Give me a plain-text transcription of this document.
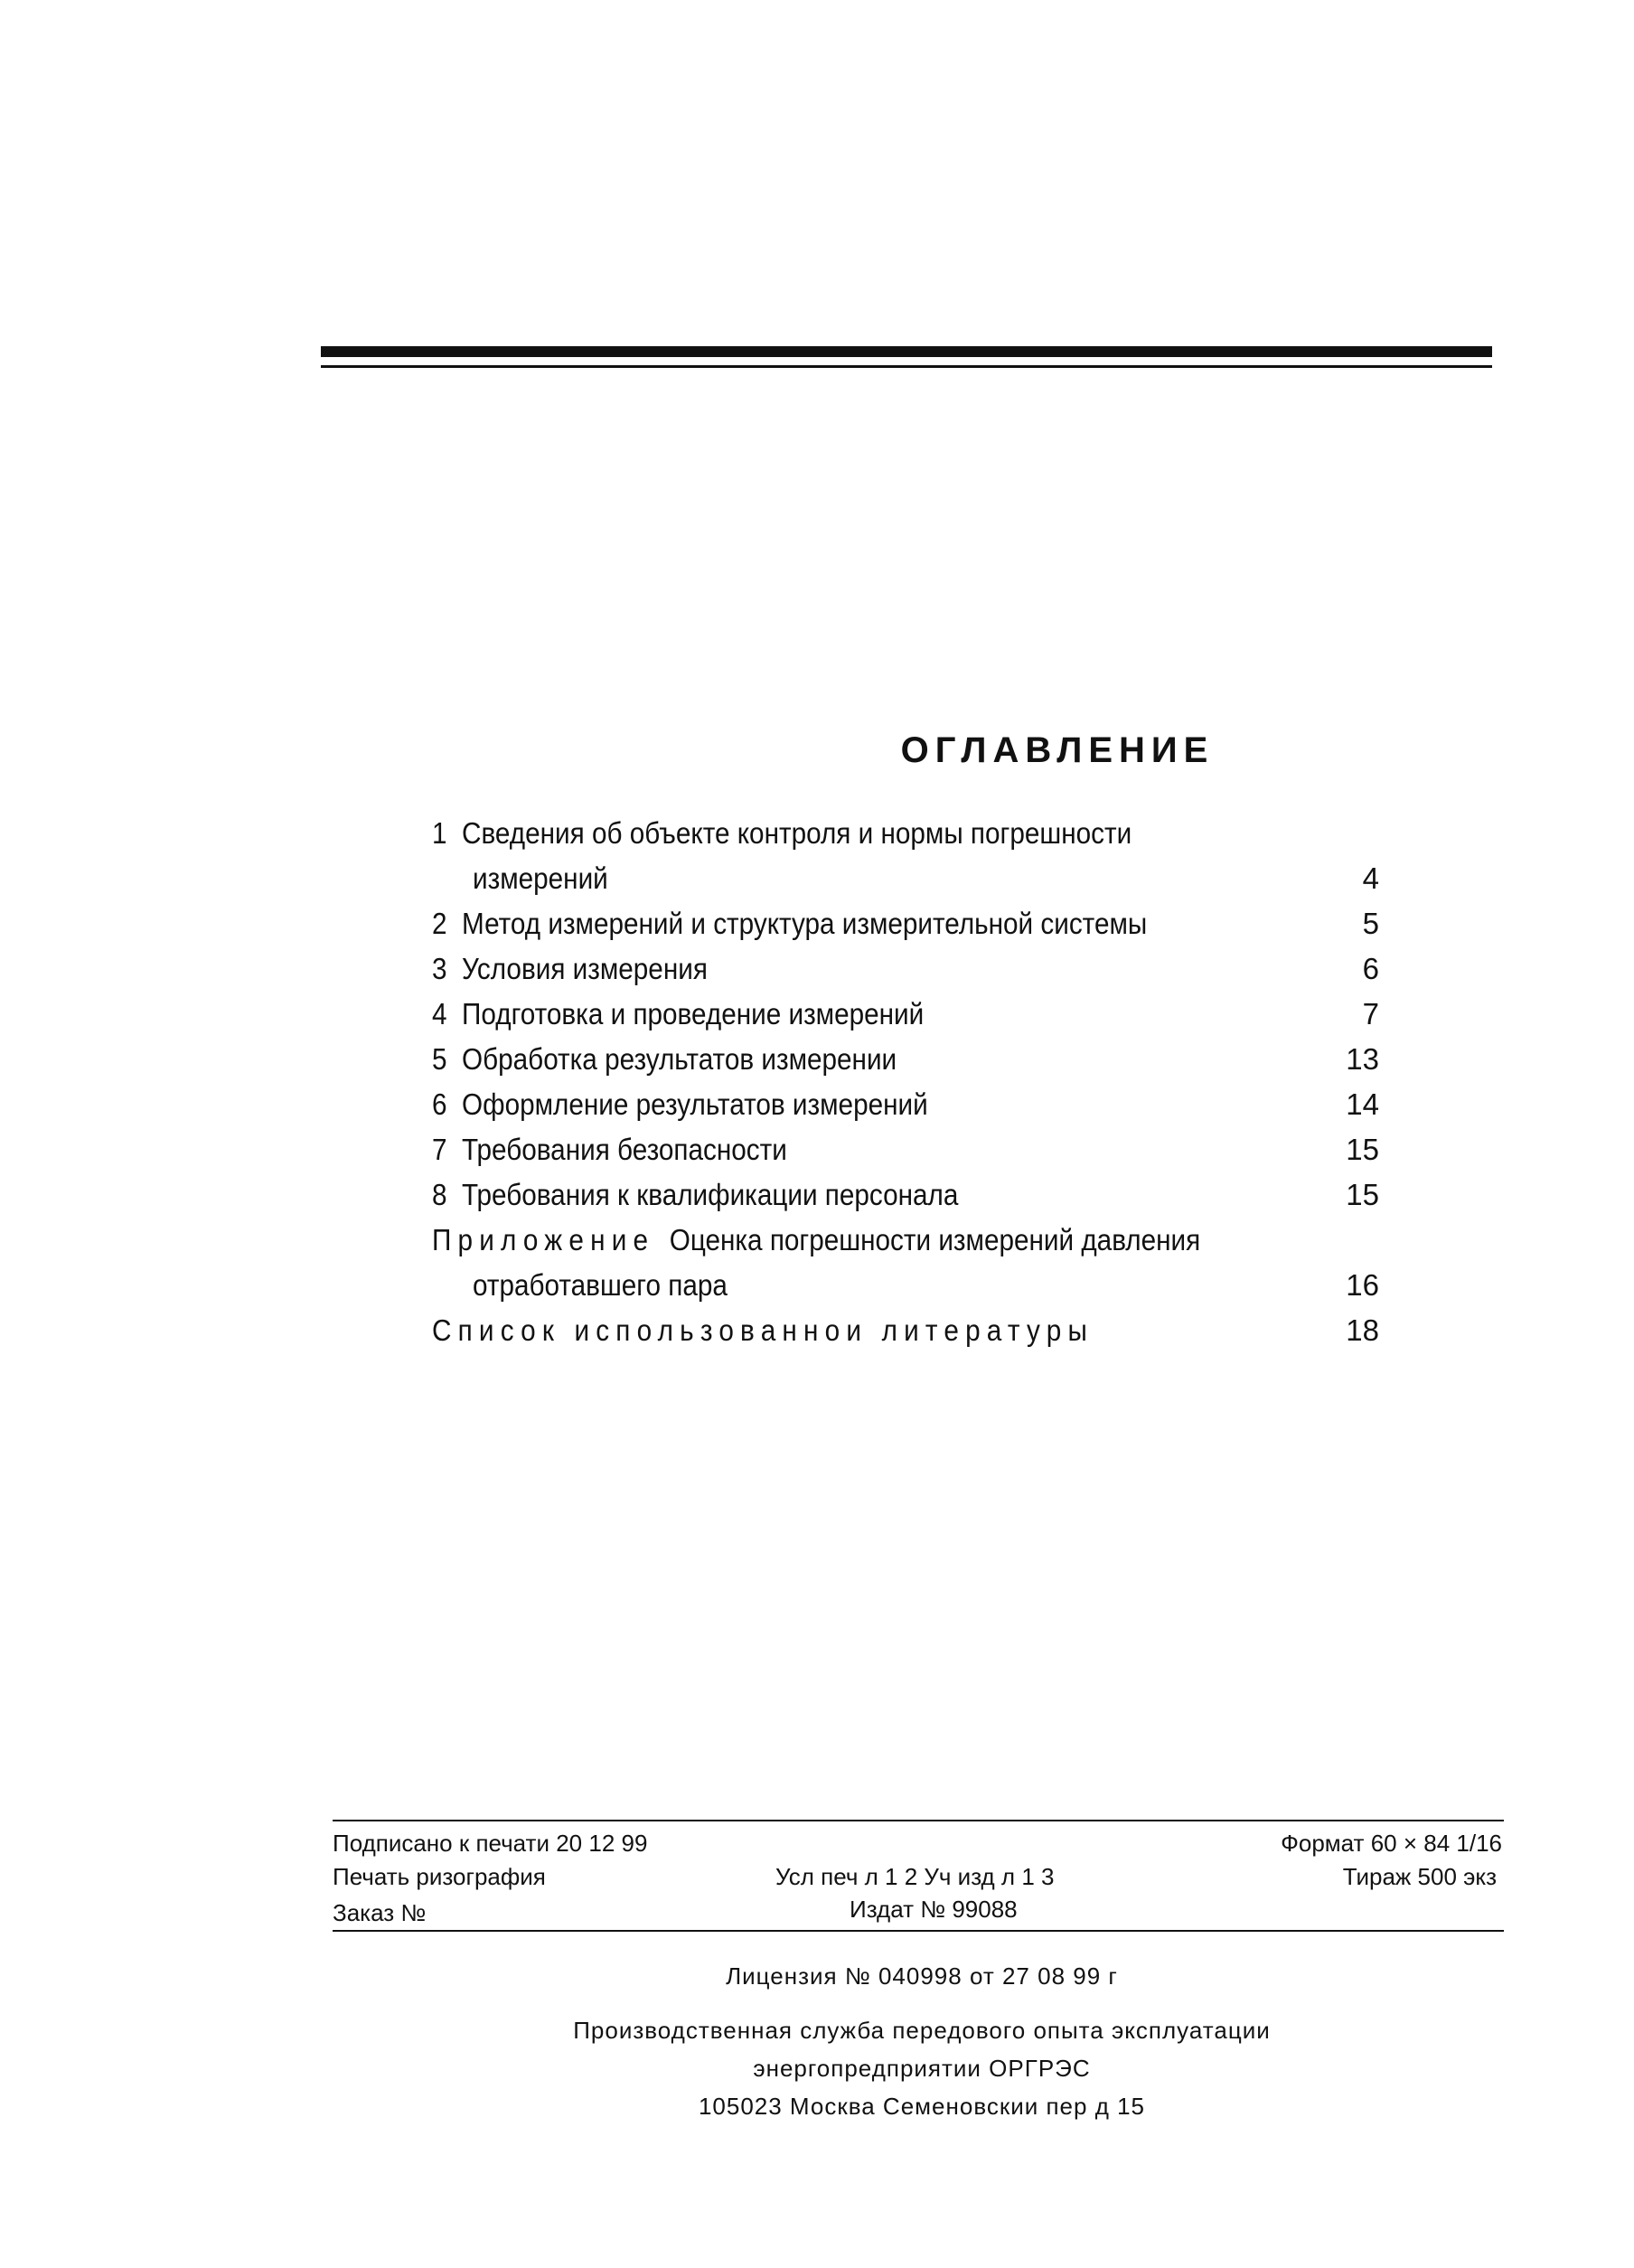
ОГЛАВЛЕНИЕ
1 Сведения об объекте контроля и нормы погрешности
измерений	4
2 Метод измерений и структура измерительной системы	5
3 Условия измерения	6
4 Подготовка и проведение измерений	7
5 Обработка результатов измерении	13
6 Оформление результатов измерений	14
7 Требования безопасности	15
8 Требования к квалификации персонала	15
Приложение Оценка погрешности измерений давления
отработавшего пара	16
Список использованнои литературы	18
Подписано к печати 20 12 99	Формат 60 × 84 1/16
Печать ризография	Усл печ л 1 2 Уч изд л 1 3	Тираж 500 экз
Заказ №	Издат № 99088
Лицензия № 040998 от 27 08 99 г
Производственная служба передового опыта эксплуатации
энергопредприятии ОРГРЭС
105023 Москва Семеновскии пер д 15
